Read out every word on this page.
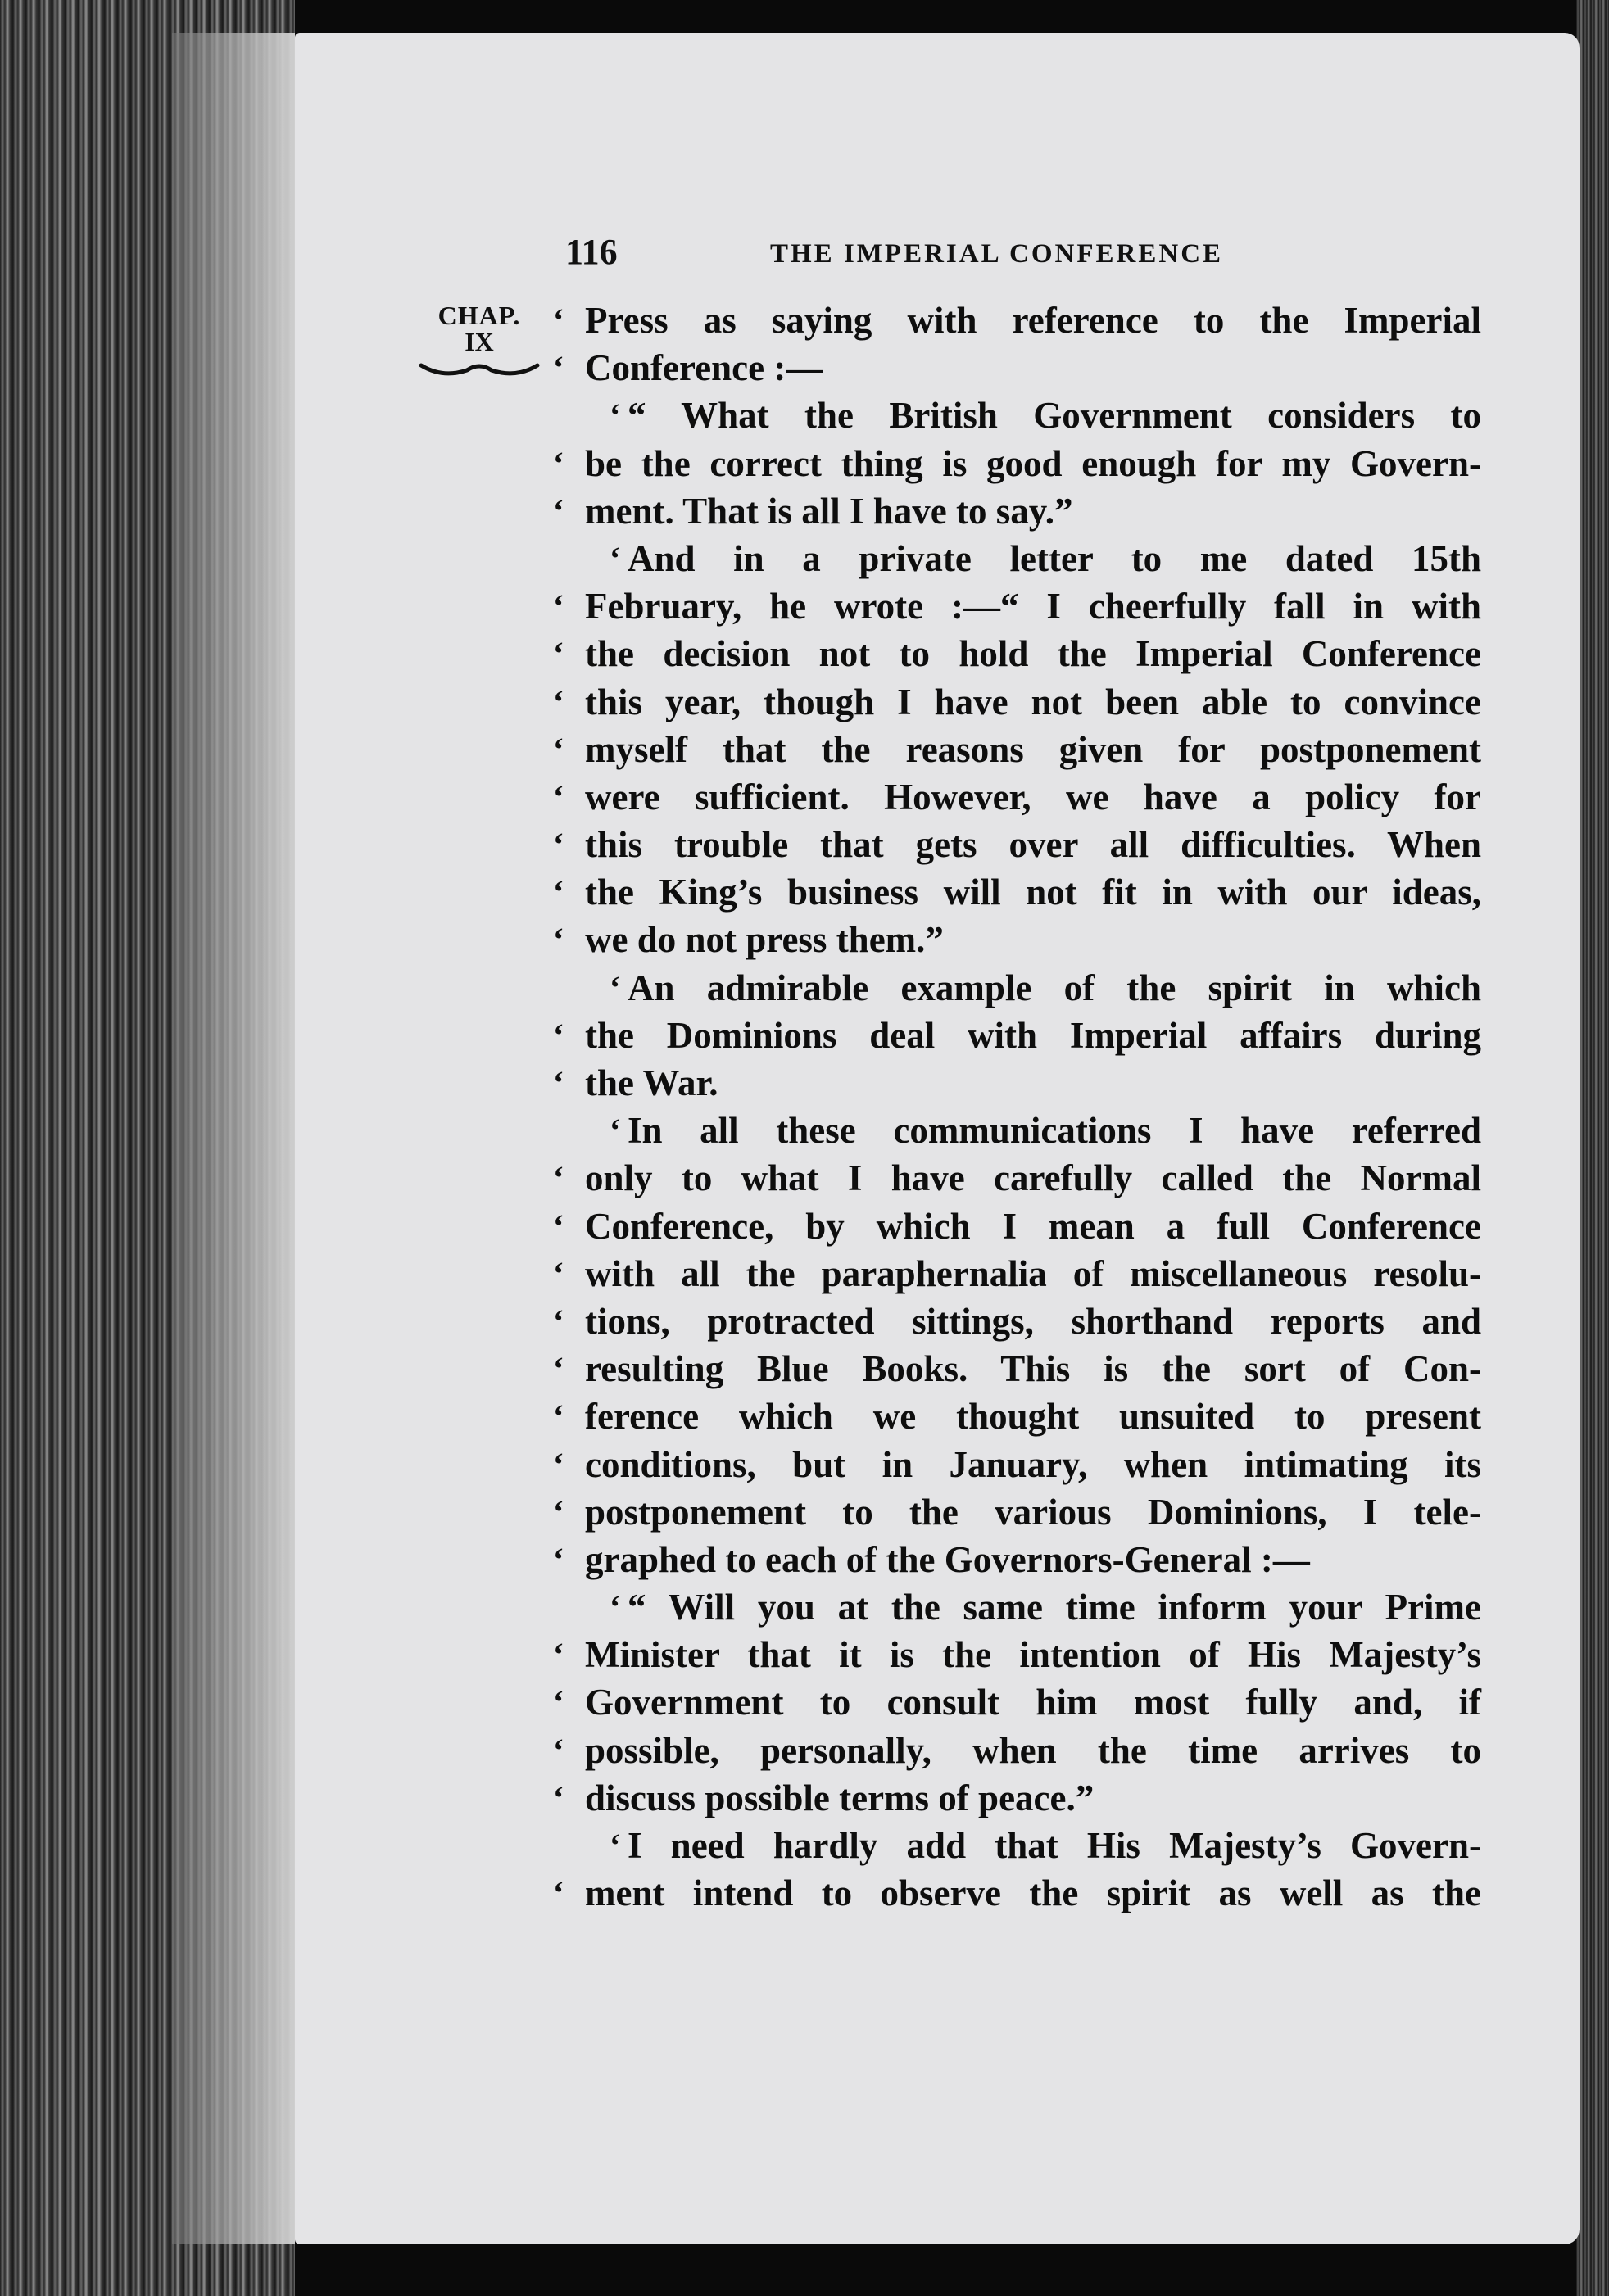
116	THE IMPERIAL CONFERENCE
CHAP.
IX
‘ Press as saying with reference to the Imperial
‘ Conference :—
‘ “ What the British Government considers to
‘ be the correct thing is good enough for my Govern-
‘ ment. That is all I have to say.”
‘ And in a private letter to me dated 15th
‘ February, he wrote :—“ I cheerfully fall in with
‘ the decision not to hold the Imperial Conference
‘ this year, though I have not been able to convince
‘ myself that the reasons given for postponement
‘ were sufficient. However, we have a policy for
‘ this trouble that gets over all difficulties. When
‘ the King’s business will not fit in with our ideas,
‘ we do not press them.”
‘ An admirable example of the spirit in which
‘ the Dominions deal with Imperial affairs during
‘ the War.
‘ In all these communications I have referred
‘ only to what I have carefully called the Normal
‘ Conference, by which I mean a full Conference
‘ with all the paraphernalia of miscellaneous resolu-
‘ tions, protracted sittings, shorthand reports and
‘ resulting Blue Books. This is the sort of Con-
‘ ference which we thought unsuited to present
‘ conditions, but in January, when intimating its
‘ postponement to the various Dominions, I tele-
‘ graphed to each of the Governors-General :—
‘ “ Will you at the same time inform your Prime
‘ Minister that it is the intention of His Majesty’s
‘ Government to consult him most fully and, if
‘ possible, personally, when the time arrives to
‘ discuss possible terms of peace.”
‘ I need hardly add that His Majesty’s Govern-
‘ ment intend to observe the spirit as well as the
